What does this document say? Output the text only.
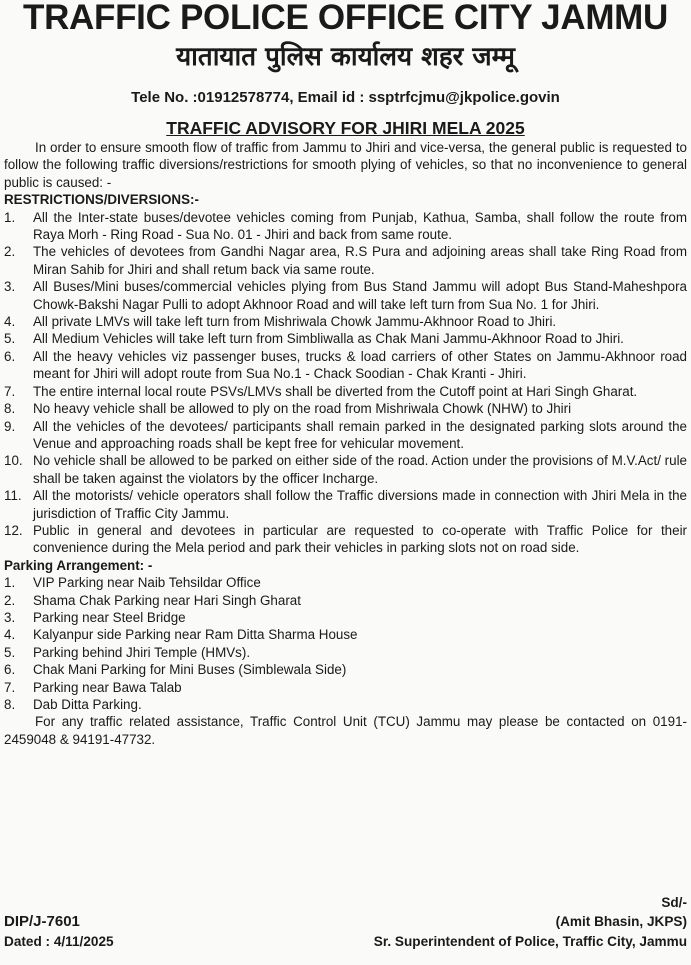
TRAFFIC POLICE OFFICE CITY JAMMU
यातायात पुलिस कार्यालय शहर जम्मू
Tele No. :01912578774, Email id : ssptrfcjmu@jkpolice.govin
TRAFFIC ADVISORY FOR JHIRI MELA 2025
In order to ensure smooth flow of traffic from Jammu to Jhiri and vice-versa, the general public is requested to follow the following traffic diversions/restrictions for smooth plying of vehicles, so that no inconvenience to general public is caused: -
RESTRICTIONS/DIVERSIONS:-
1.	All the Inter-state buses/devotee vehicles coming from Punjab, Kathua, Samba, shall follow the route from Raya Morh - Ring Road - Sua No. 01 - Jhiri and back from same route.
2.	The vehicles of devotees from Gandhi Nagar area, R.S Pura and adjoining areas shall take Ring Road from Miran Sahib for Jhiri and shall retum back via same route.
3.	All Buses/Mini buses/commercial vehicles plying from Bus Stand Jammu will adopt Bus Stand-Maheshpora Chowk-Bakshi Nagar Pulli to adopt Akhnoor Road and will take left turn from Sua No. 1 for Jhiri.
4.	All private LMVs will take left turn from Mishriwala Chowk Jammu-Akhnoor Road to Jhiri.
5.	All Medium Vehicles will take left turn from Simbliwalla as Chak Mani Jammu-Akhnoor Road to Jhiri.
6.	All the heavy vehicles viz passenger buses, trucks & load carriers of other States on Jammu-Akhnoor road meant for Jhiri will adopt route from Sua No.1 - Chack Soodian - Chak Kranti - Jhiri.
7.	The entire internal local route PSVs/LMVs shall be diverted from the Cutoff point at Hari Singh Gharat.
8.	No heavy vehicle shall be allowed to ply on the road from Mishriwala Chowk (NHW) to Jhiri
9.	All the vehicles of the devotees/ participants shall remain parked in the designated parking slots around the Venue and approaching roads shall be kept free for vehicular movement.
10. No vehicle shall be allowed to be parked on either side of the road. Action under the provisions of M.V.Act/ rule shall be taken against the violators by the officer Incharge.
11. All the motorists/ vehicle operators shall follow the Traffic diversions made in connection with Jhiri Mela in the jurisdiction of Traffic City Jammu.
12. Public in general and devotees in particular are requested to co-operate with Traffic Police for their convenience during the Mela period and park their vehicles in parking slots not on road side.
Parking Arrangement: -
1.	VIP Parking near Naib Tehsildar Office
2.	Shama Chak Parking near Hari Singh Gharat
3.	Parking near Steel Bridge
4.	Kalyanpur side Parking near Ram Ditta Sharma House
5.	Parking behind Jhiri Temple (HMVs).
6.	Chak Mani Parking for Mini Buses (Simblewala Side)
7.	Parking near Bawa Talab
8.	Dab Ditta Parking.
For any traffic related assistance, Traffic Control Unit (TCU) Jammu may please be contacted on 0191-2459048 & 94191-47732.
Sd/-
DIP/J-7601	(Amit Bhasin, JKPS)
Dated : 4/11/2025	Sr. Superintendent of Police, Traffic City, Jammu
